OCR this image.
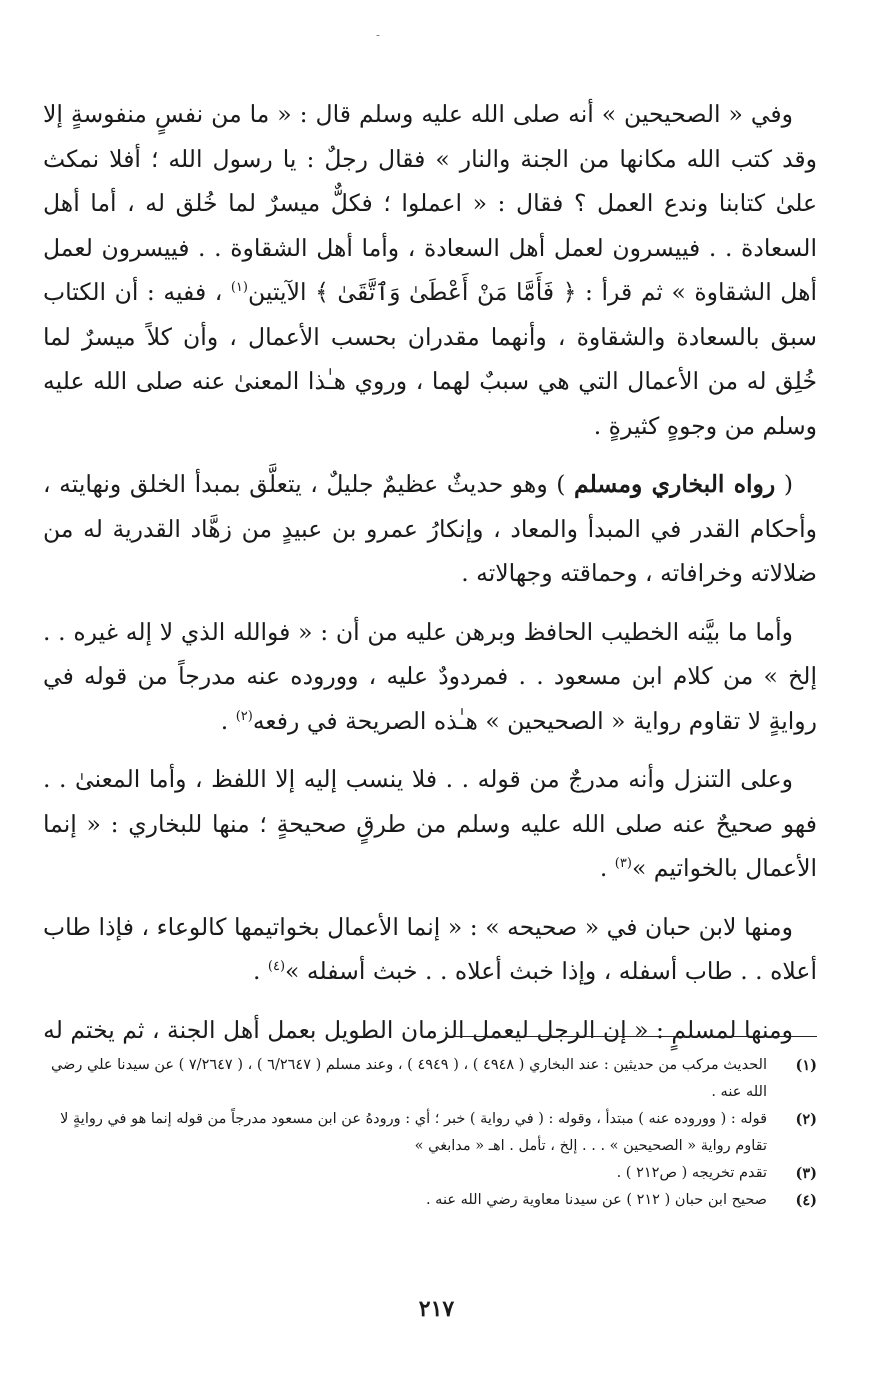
-

وفي « الصحيحين » أنه صلى الله عليه وسلم قال : « ما من نفسٍ منفوسةٍ إلا وقد كتب الله مكانها من الجنة والنار » فقال رجلٌ : يا رسول الله ؛ أفلا نمكث علىٰ كتابنا وندع العمل ؟ فقال : « اعملوا ؛ فكلٌّ ميسرٌ لما خُلق له ، أما أهل السعادة . . فييسرون لعمل أهل السعادة ، وأما أهل الشقاوة . . فييسرون لعمل أهل الشقاوة » ثم قرأ : ﴿ فَأَمَّا مَنْ أَعْطَىٰ وَٱتَّقَىٰ ﴾ الآيتين$^{(١)}$ ، ففيه : أن الكتاب سبق بالسعادة والشقاوة ، وأنهما مقدران بحسب الأعمال ، وأن كلاً ميسرٌ لما خُلِق له من الأعمال التي هي سببٌ لهما ، وروي هـٰذا المعنىٰ عنه صلى الله عليه وسلم من وجوهٍ كثيرةٍ .

( رواه البخاري ومسلم ) وهو حديثٌ عظيمٌ جليلٌ ، يتعلَّق بمبدأ الخلق ونهايته ، وأحكام القدر في المبدأ والمعاد ، وإنكارُ عمرو بن عبيدٍ من زهَّاد القدرية له من ضلالاته وخرافاته ، وحماقته وجهالاته .

وأما ما بيَّنه الخطيب الحافظ وبرهن عليه من أن : « فوالله الذي لا إله غيره . . إلخ » من كلام ابن مسعود . . فمردودٌ عليه ، ووروده عنه مدرجاً من قوله في روايةٍ لا تقاوم رواية « الصحيحين » هـٰذه الصريحة في رفعه$^{(٢)}$ .

وعلى التنزل وأنه مدرجٌ من قوله . . فلا ينسب إليه إلا اللفظ ، وأما المعنىٰ . . فهو صحيحٌ عنه صلى الله عليه وسلم من طرقٍ صحيحةٍ ؛ منها للبخاري : « إنما الأعمال بالخواتيم »$^{(٣)}$ .

ومنها لابن حبان في « صحيحه » : « إنما الأعمال بخواتيمها كالوعاء ، فإذا طاب أعلاه . . طاب أسفله ، وإذا خبث أعلاه . . خبث أسفله »$^{(٤)}$ .

ومنها لمسلمٍ : « إن الرجل ليعمل الزمان الطويل بعمل أهل الجنة ، ثم يختم له

(١)
الحديث مركب من حديثين : عند البخاري ( ٤٩٤٨ ) ، ( ٤٩٤٩ ) ، وعند مسلم ( ٦/٢٦٤٧ ) ، ( ٧/٢٦٤٧ ) عن سيدنا علي رضي الله عنه .
(٢)
قوله : ( ووروده عنه ) مبتدأ ، وقوله : ( في رواية ) خبر ؛ أي : ورودهُ عن ابن مسعود مدرجاً من قوله إنما هو في روايةٍ لا تقاوم رواية « الصحيحين » . . . إلخ ، تأمل . اهـ « مدابغي »
(٣)
تقدم تخريجه ( ص٢١٢ ) .
(٤)
صحيح ابن حبان ( ٢١٢ ) عن سيدنا معاوية رضي الله عنه .
٢١٧
